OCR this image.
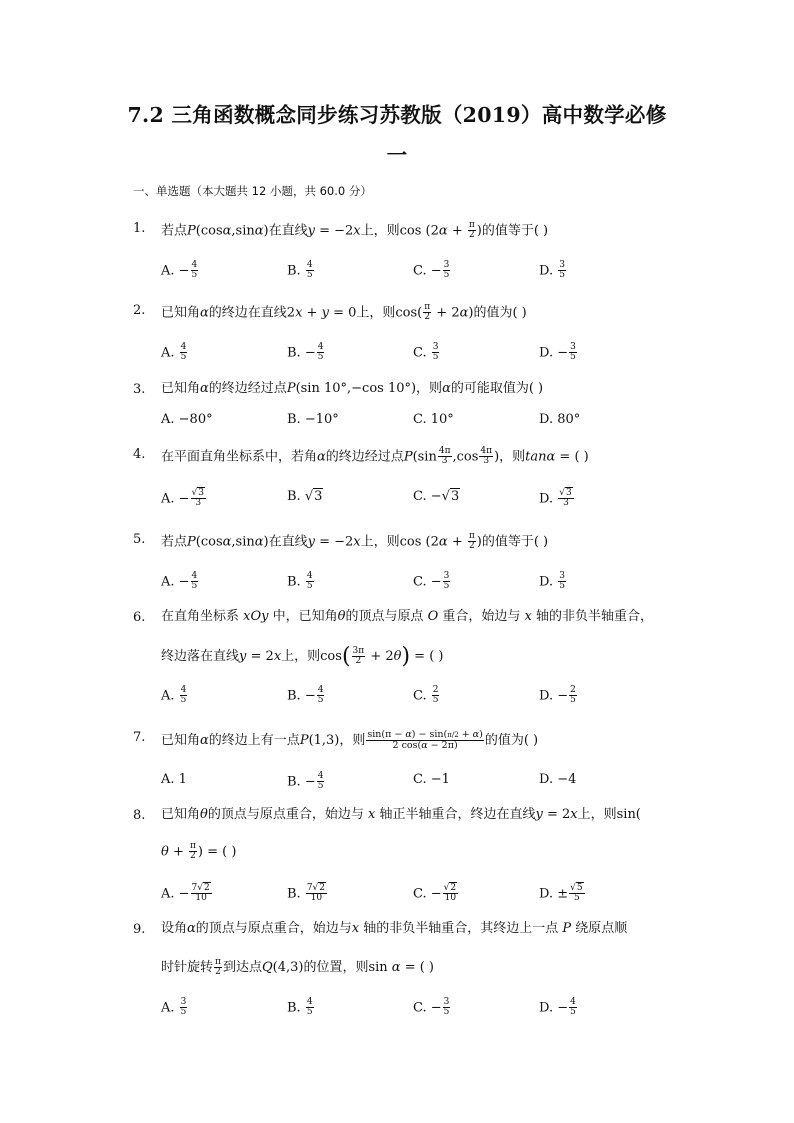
7.2 三角函数概念同步练习苏教版（2019）高中数学必修
一
一、单选题（本大题共 12 小题，共 60.0 分）
1. 若点P(cosα,sinα)在直线y = −2x上，则$\cos (2\alpha + \frac{\pi}{2}$ )的值等于( )
A. − $\frac{4}{5}$	B. $\frac{4}{5}$	C. − $\frac{3}{5}$	D. $\frac{3}{5}$
2. 已知角α的终边在直线2x + y = 0上，则$\cos( \frac{\pi}{2} + 2\alpha)$的值为( )
A. $\frac{4}{5}$	B. − $\frac{4}{5}$	C. $\frac{3}{5}$	D. − $\frac{3}{5}$
3. 已知角α的终边经过点P(sin 10°,−cos 10°)，则α的可能取值为( )
A. −80°	B. −10°	C. 10°	D. 80°
4. 在平面直角坐标系中，若角α的终边经过点$P(\sin \frac{4\pi}{3} ,\cos \frac{4\pi}{3}$ )，则tanα = ( )
A. − $\frac{√3}{3}$	B. √3	C. −√3	D. $\frac{√3}{3}$
5. 若点P(cosα,sinα)在直线y = −2x上，则$\cos (2\alpha + \frac{\pi}{2}$ )的值等于( )
A. − $\frac{4}{5}$	B. $\frac{4}{5}$	C. − $\frac{3}{5}$	D. $\frac{3}{5}$
6. 在直角坐标系 xOy 中，已知角θ的顶点与原点 O 重合，始边与 x 轴的非负半轴重合，
终边落在直线y = 2x上，则$\cos( \frac{3\pi}{2} + 2\theta)$ = ( )
A. $\frac{4}{5}$	B. − $\frac{4}{5}$	C. $\frac{2}{5}$	D. − $\frac{2}{5}$
7. 已知角α的终边上有一点P(1,3)，则 $\frac{\sin(\pi - \alpha) - \sin(\pi/2 + \alpha)}{2 \cos(\alpha - 2\pi)}$ 的值为( )
A. 1	B. − $\frac{4}{5}$	C. −1	D. −4
8. 已知角θ的顶点与原点重合，始边与 x 轴正半轴重合，终边在直线y = 2x上，则sin(
$\theta + \frac{\pi}{2}$ ) = ( )
A. − $\frac{7√2}{10}$	B. $\frac{7√2}{10}$	C. − $\frac{√2}{10}$	D. ± $\frac{√5}{5}$
9. 设角α的顶点与原点重合，始边与x 轴的非负半轴重合，其终边上一点 P 绕原点顺
时针旋转 $\frac{\pi}{2}$ 到达点Q(4,3)的位置，则sin α = ( )
A. $\frac{3}{5}$	B. $\frac{4}{5}$	C. − $\frac{3}{5}$	D. − $\frac{4}{5}$
